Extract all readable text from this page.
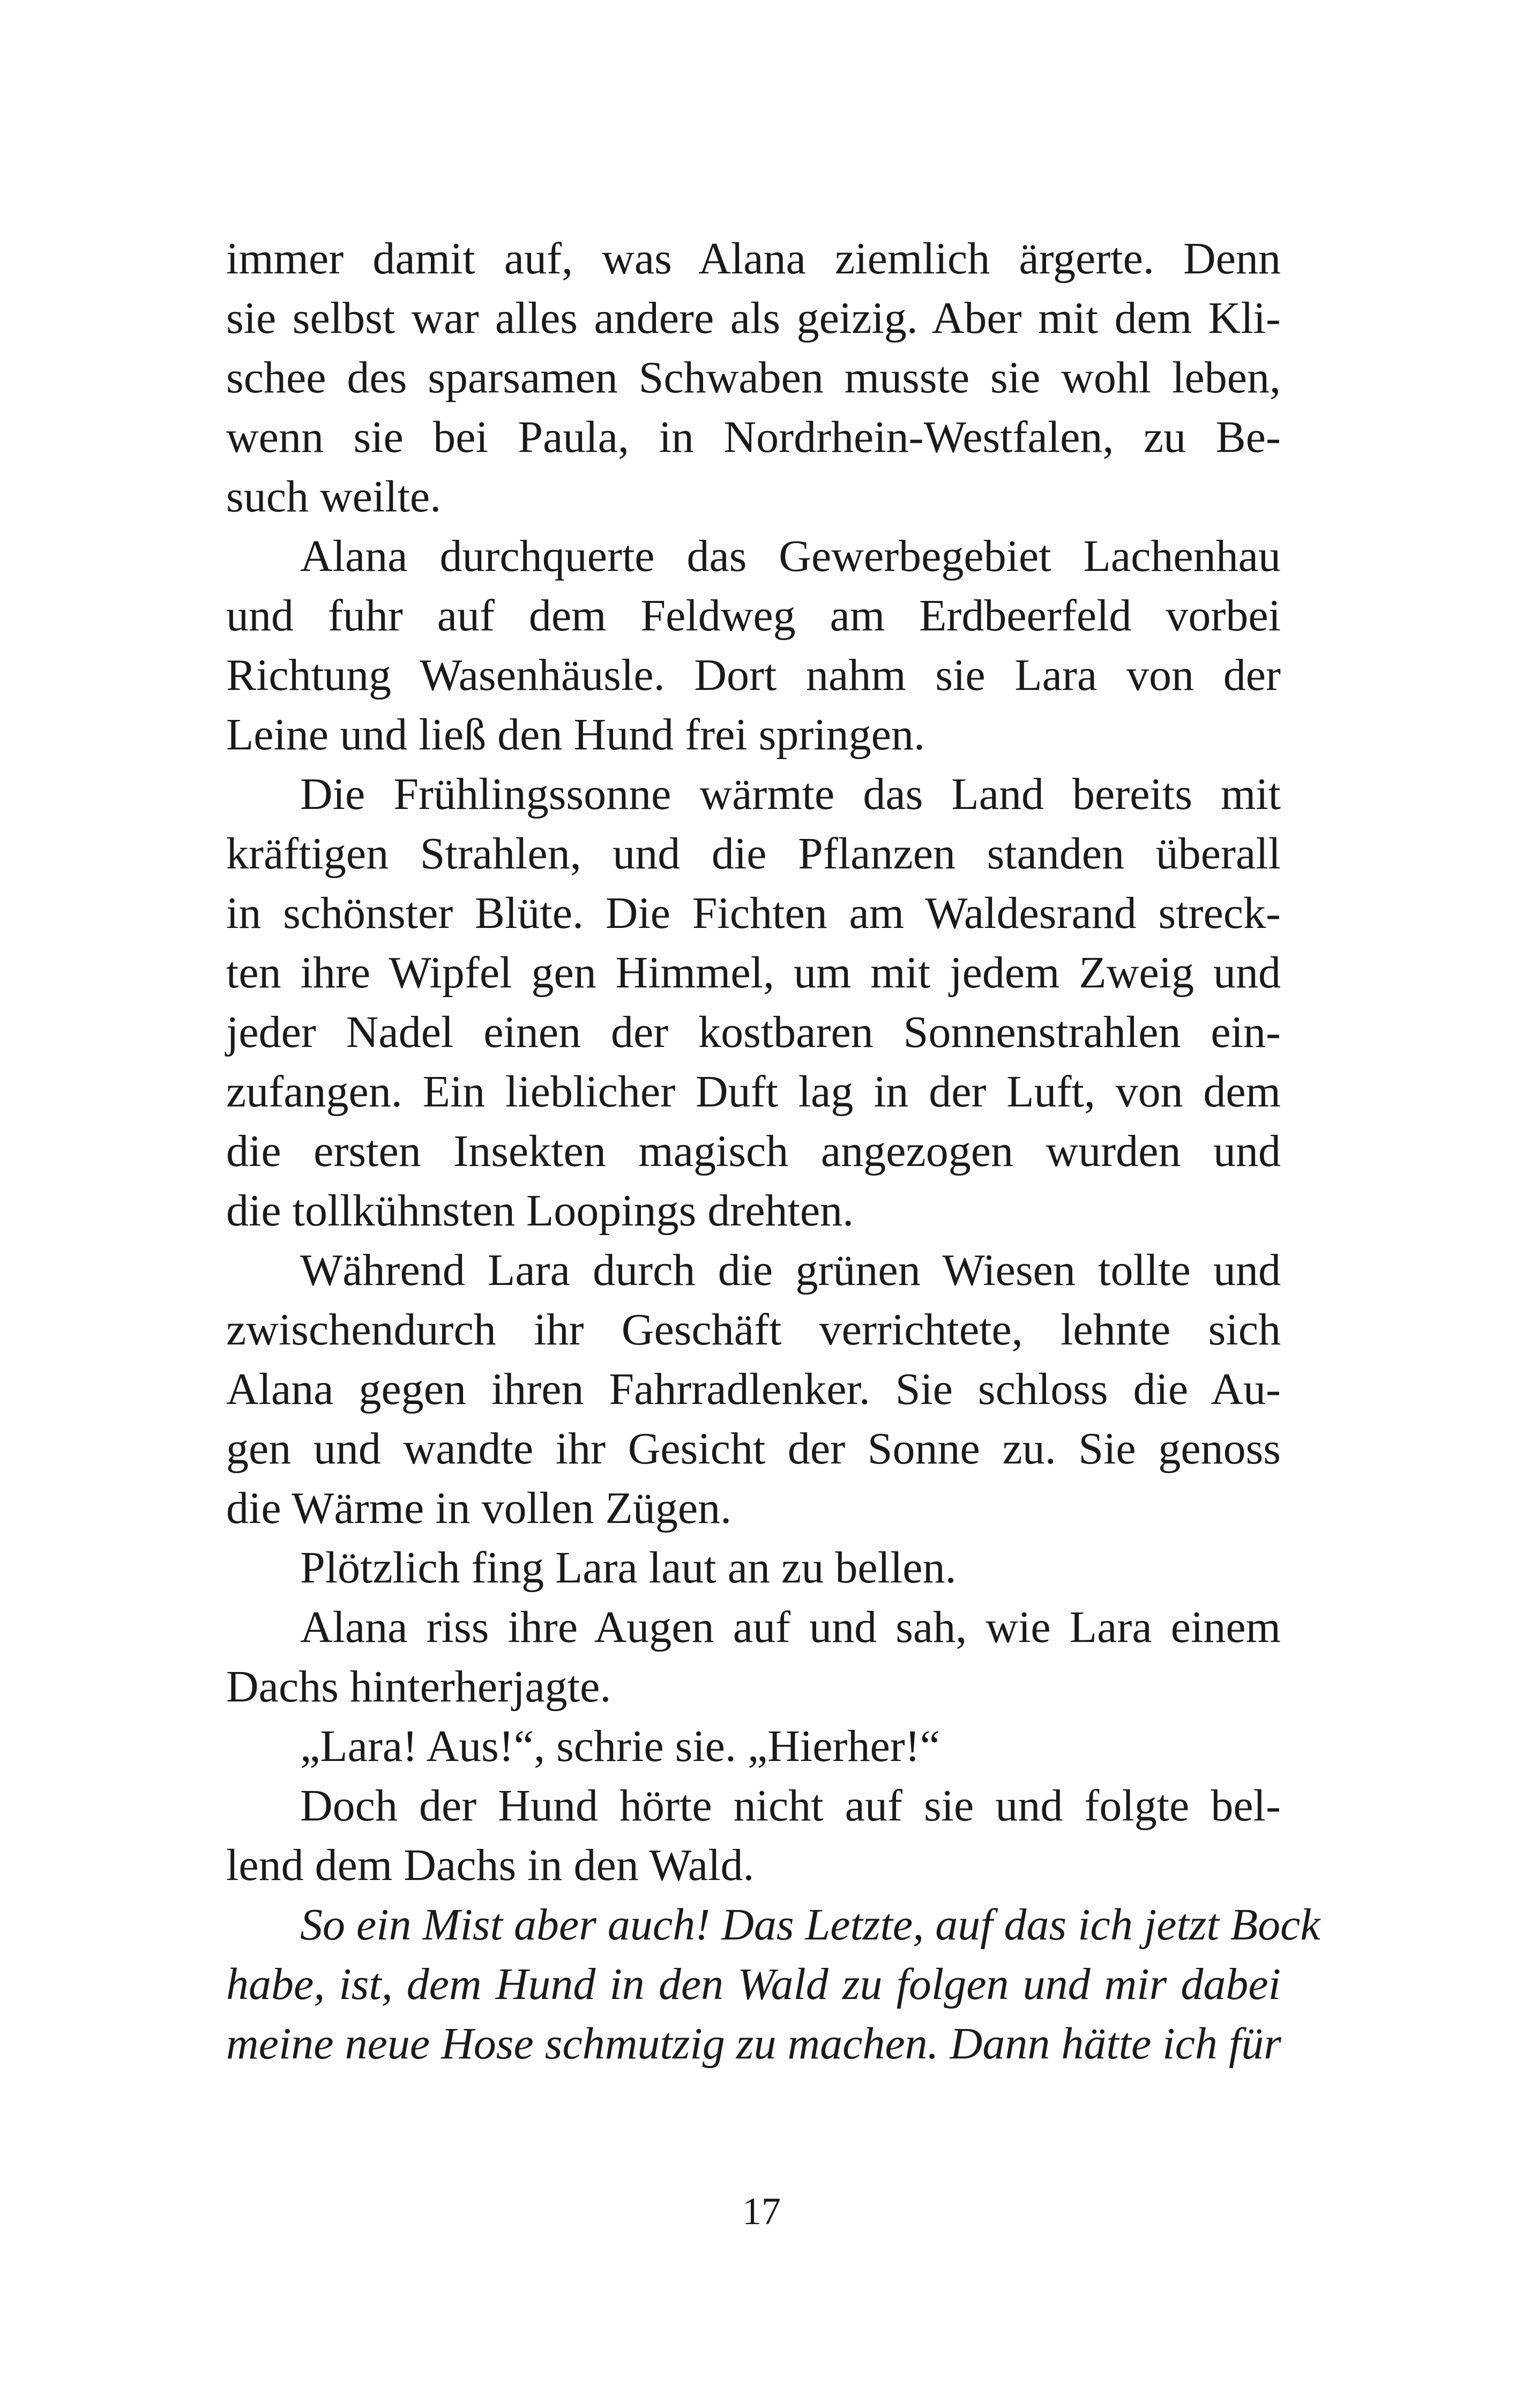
immer damit auf, was Alana ziemlich ärgerte. Denn
sie selbst war alles andere als geizig. Aber mit dem Kli-
schee des sparsamen Schwaben musste sie wohl leben,
wenn sie bei Paula, in Nordrhein-Westfalen, zu Be-
such weilte.
Alana durchquerte das Gewerbegebiet Lachenhau
und fuhr auf dem Feldweg am Erdbeerfeld vorbei
Richtung Wasenhäusle. Dort nahm sie Lara von der
Leine und ließ den Hund frei springen.
Die Frühlingssonne wärmte das Land bereits mit
kräftigen Strahlen, und die Pflanzen standen überall
in schönster Blüte. Die Fichten am Waldesrand streck-
ten ihre Wipfel gen Himmel, um mit jedem Zweig und
jeder Nadel einen der kostbaren Sonnenstrahlen ein-
zufangen. Ein lieblicher Duft lag in der Luft, von dem
die ersten Insekten magisch angezogen wurden und
die tollkühnsten Loopings drehten.
Während Lara durch die grünen Wiesen tollte und
zwischendurch ihr Geschäft verrichtete, lehnte sich
Alana gegen ihren Fahrradlenker. Sie schloss die Au-
gen und wandte ihr Gesicht der Sonne zu. Sie genoss
die Wärme in vollen Zügen.
Plötzlich fing Lara laut an zu bellen.
Alana riss ihre Augen auf und sah, wie Lara einem
Dachs hinterherjagte.
„Lara! Aus!“, schrie sie. „Hierher!“
Doch der Hund hörte nicht auf sie und folgte bel-
lend dem Dachs in den Wald.
So ein Mist aber auch! Das Letzte, auf das ich jetzt Bock
habe, ist, dem Hund in den Wald zu folgen und mir dabei
meine neue Hose schmutzig zu machen. Dann hätte ich für
17
